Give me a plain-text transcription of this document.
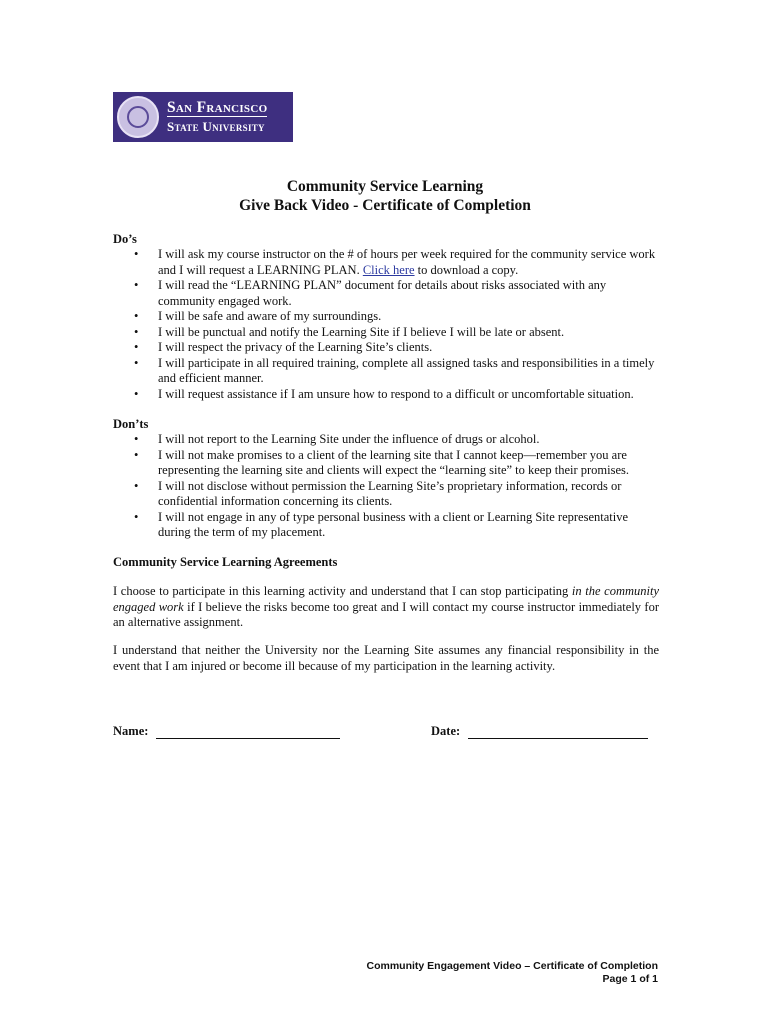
San Francisco
State University
Community Service Learning
Give Back Video - Certificate of Completion
Do’s
• I will ask my course instructor on the # of hours per week required for the community service work and I will request a LEARNING PLAN. Click here to download a copy.
• I will read the “LEARNING PLAN” document for details about risks associated with any community engaged work.
• I will be safe and aware of my surroundings.
• I will be punctual and notify the Learning Site if I believe I will be late or absent.
• I will respect the privacy of the Learning Site’s clients.
• I will participate in all required training, complete all assigned tasks and responsibilities in a timely and efficient manner.
• I will request assistance if I am unsure how to respond to a difficult or uncomfortable situation.
Don’ts
• I will not report to the Learning Site under the influence of drugs or alcohol.
• I will not make promises to a client of the learning site that I cannot keep—remember you are representing the learning site and clients will expect the “learning site” to keep their promises.
• I will not disclose without permission the Learning Site’s proprietary information, records or confidential information concerning its clients.
• I will not engage in any of type personal business with a client or Learning Site representative during the term of my placement.
Community Service Learning Agreements

I choose to participate in this learning activity and understand that I can stop participating in the community engaged work if I believe the risks become too great and I will contact my course instructor immediately for an alternative assignment.

I understand that neither the University nor the Learning Site assumes any financial responsibility in the event that I am injured or become ill because of my participation in the learning activity.

Name:	Date:
Community Engagement Video – Certificate of Completion
Page 1 of 1
